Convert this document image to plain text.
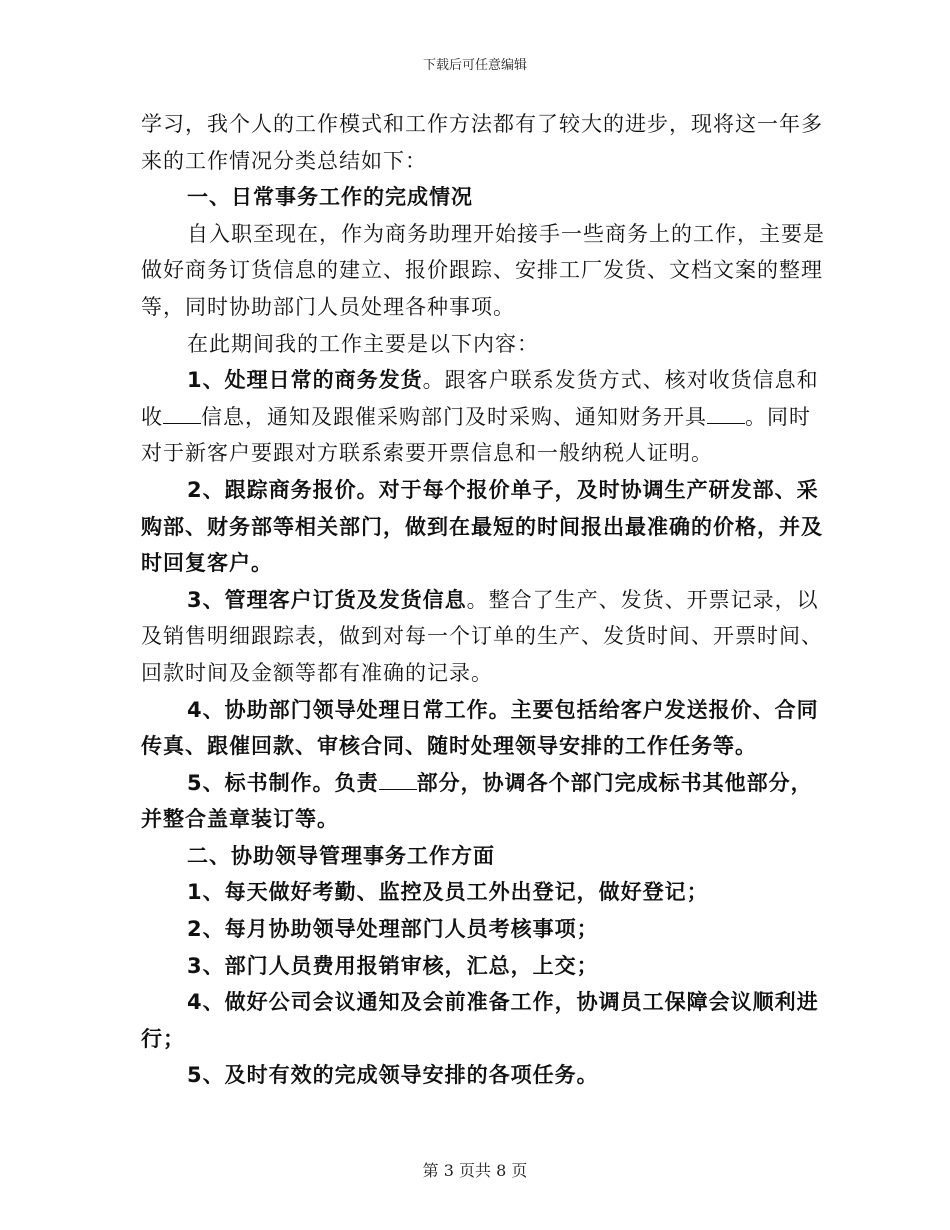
下载后可任意编辑

学习，我个人的工作模式和工作方法都有了较大的进步，现将这一年多来的工作情况分类总结如下：

一、日常事务工作的完成情况

自入职至现在，作为商务助理开始接手一些商务上的工作，主要是做好商务订货信息的建立、报价跟踪、安排工厂发货、文档文案的整理等，同时协助部门人员处理各种事项。

在此期间我的工作主要是以下内容：

1、处理日常的商务发货。跟客户联系发货方式、核对收货信息和收 信息，通知及跟催采购部门及时采购、通知财务开具 。同时对于新客户要跟对方联系索要开票信息和一般纳税人证明。

2、跟踪商务报价。对于每个报价单子，及时协调生产研发部、采购部、财务部等相关部门，做到在最短的时间报出最准确的价格，并及时回复客户。

3、管理客户订货及发货信息。整合了生产、发货、开票记录，以及销售明细跟踪表，做到对每一个订单的生产、发货时间、开票时间、回款时间及金额等都有准确的记录。

4、协助部门领导处理日常工作。主要包括给客户发送报价、合同传真、跟催回款、审核合同、随时处理领导安排的工作任务等。

5、标书制作。负责 部分，协调各个部门完成标书其他部分，并整合盖章装订等。

二、协助领导管理事务工作方面

1、每天做好考勤、监控及员工外出登记，做好登记；

2、每月协助领导处理部门人员考核事项；

3、部门人员费用报销审核，汇总，上交；

4、做好公司会议通知及会前准备工作，协调员工保障会议顺利进行；

5、及时有效的完成领导安排的各项任务。

第 3 页共 8 页
